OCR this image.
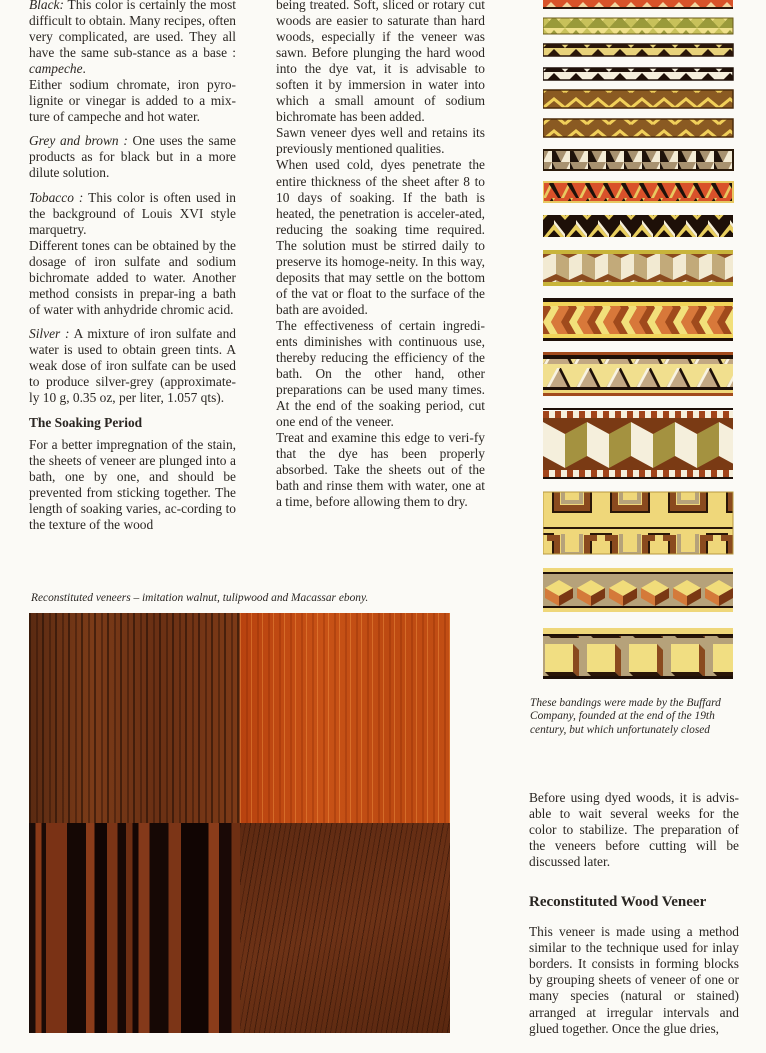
Black: This color is certainly the most difficult to obtain. Many recipes, often very complicated, are used. They all have the same sub-stance as a base : campeche.

Either sodium chromate, iron pyro-lignite or vinegar is added to a mix-ture of campeche and hot water.

Grey and brown : One uses the same products as for black but in a more dilute solution.

Tobacco : This color is often used in the background of Louis XVI style marquetry.

Different tones can be obtained by the dosage of iron sulfate and sodium bichromate added to water. Another method consists in prepar-ing a bath of water with anhydride chromic acid.

Silver : A mixture of iron sulfate and water is used to obtain green tints. A weak dose of iron sulfate can be used to produce silver-grey (approximate-ly 10 g, 0.35 oz, per liter, 1.057 qts).

The Soaking Period

For a better impregnation of the stain, the sheets of veneer are plunged into a bath, one by one, and should be prevented from sticking together. The length of soaking varies, ac-cording to the texture of the wood

being treated. Soft, sliced or rotary cut woods are easier to saturate than hard woods, especially if the veneer was sawn. Before plunging the hard wood into the dye vat, it is advisable to soften it by immersion in water into which a small amount of sodium bichromate has been added.

Sawn veneer dyes well and retains its previously mentioned qualities.

When used cold, dyes penetrate the entire thickness of the sheet after 8 to 10 days of soaking. If the bath is heated, the penetration is acceler-ated, reducing the soaking time required. The solution must be stirred daily to preserve its homoge-neity. In this way, deposits that may settle on the bottom of the vat or float to the surface of the bath are avoided.

The effectiveness of certain ingredi-ents diminishes with continuous use, thereby reducing the efficiency of the bath. On the other hand, other preparations can be used many times. At the end of the soaking period, cut one end of the veneer.

Treat and examine this edge to veri-fy that the dye has been properly absorbed. Take the sheets out of the bath and rinse them with water, one at a time, before allowing them to dry.

Reconstituted veneers – imitation walnut, tulipwood and Macassar ebony.
These bandings were made by the Buffard Company, founded at the end of the 19th century, but which unfortunately closed

Before using dyed woods, it is advis-able to wait several weeks for the color to stabilize. The preparation of the veneers before cutting will be discussed later.

Reconstituted Wood Veneer

This veneer is made using a method similar to the technique used for inlay borders. It consists in forming blocks by grouping sheets of veneer of one or many species (natural or stained) arranged at irregular intervals and glued together. Once the glue dries,
